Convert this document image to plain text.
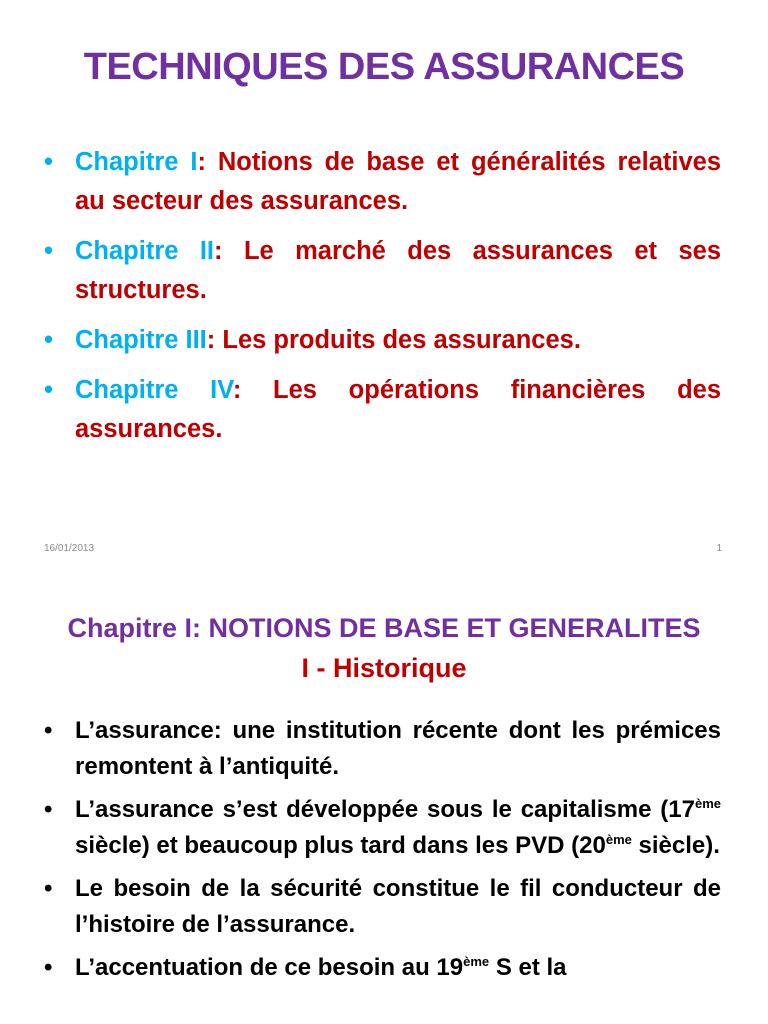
TECHNIQUES DES ASSURANCES
• Chapitre I: Notions de base et généralités relatives au secteur des assurances.
• Chapitre II: Le marché des assurances et ses structures.
• Chapitre III: Les produits des assurances.
• Chapitre IV: Les opérations financières des assurances.
16/01/2013	1
Chapitre I: NOTIONS DE BASE ET GENERALITES
I - Historique
• L’assurance: une institution récente dont les prémices remontent à l’antiquité.
• L’assurance s’est développée sous le capitalisme (17ème siècle) et beaucoup plus tard dans les PVD (20ème siècle).
• Le besoin de la sécurité constitue le fil conducteur de l’histoire de l’assurance.
• L’accentuation de ce besoin au 19ème S et la
